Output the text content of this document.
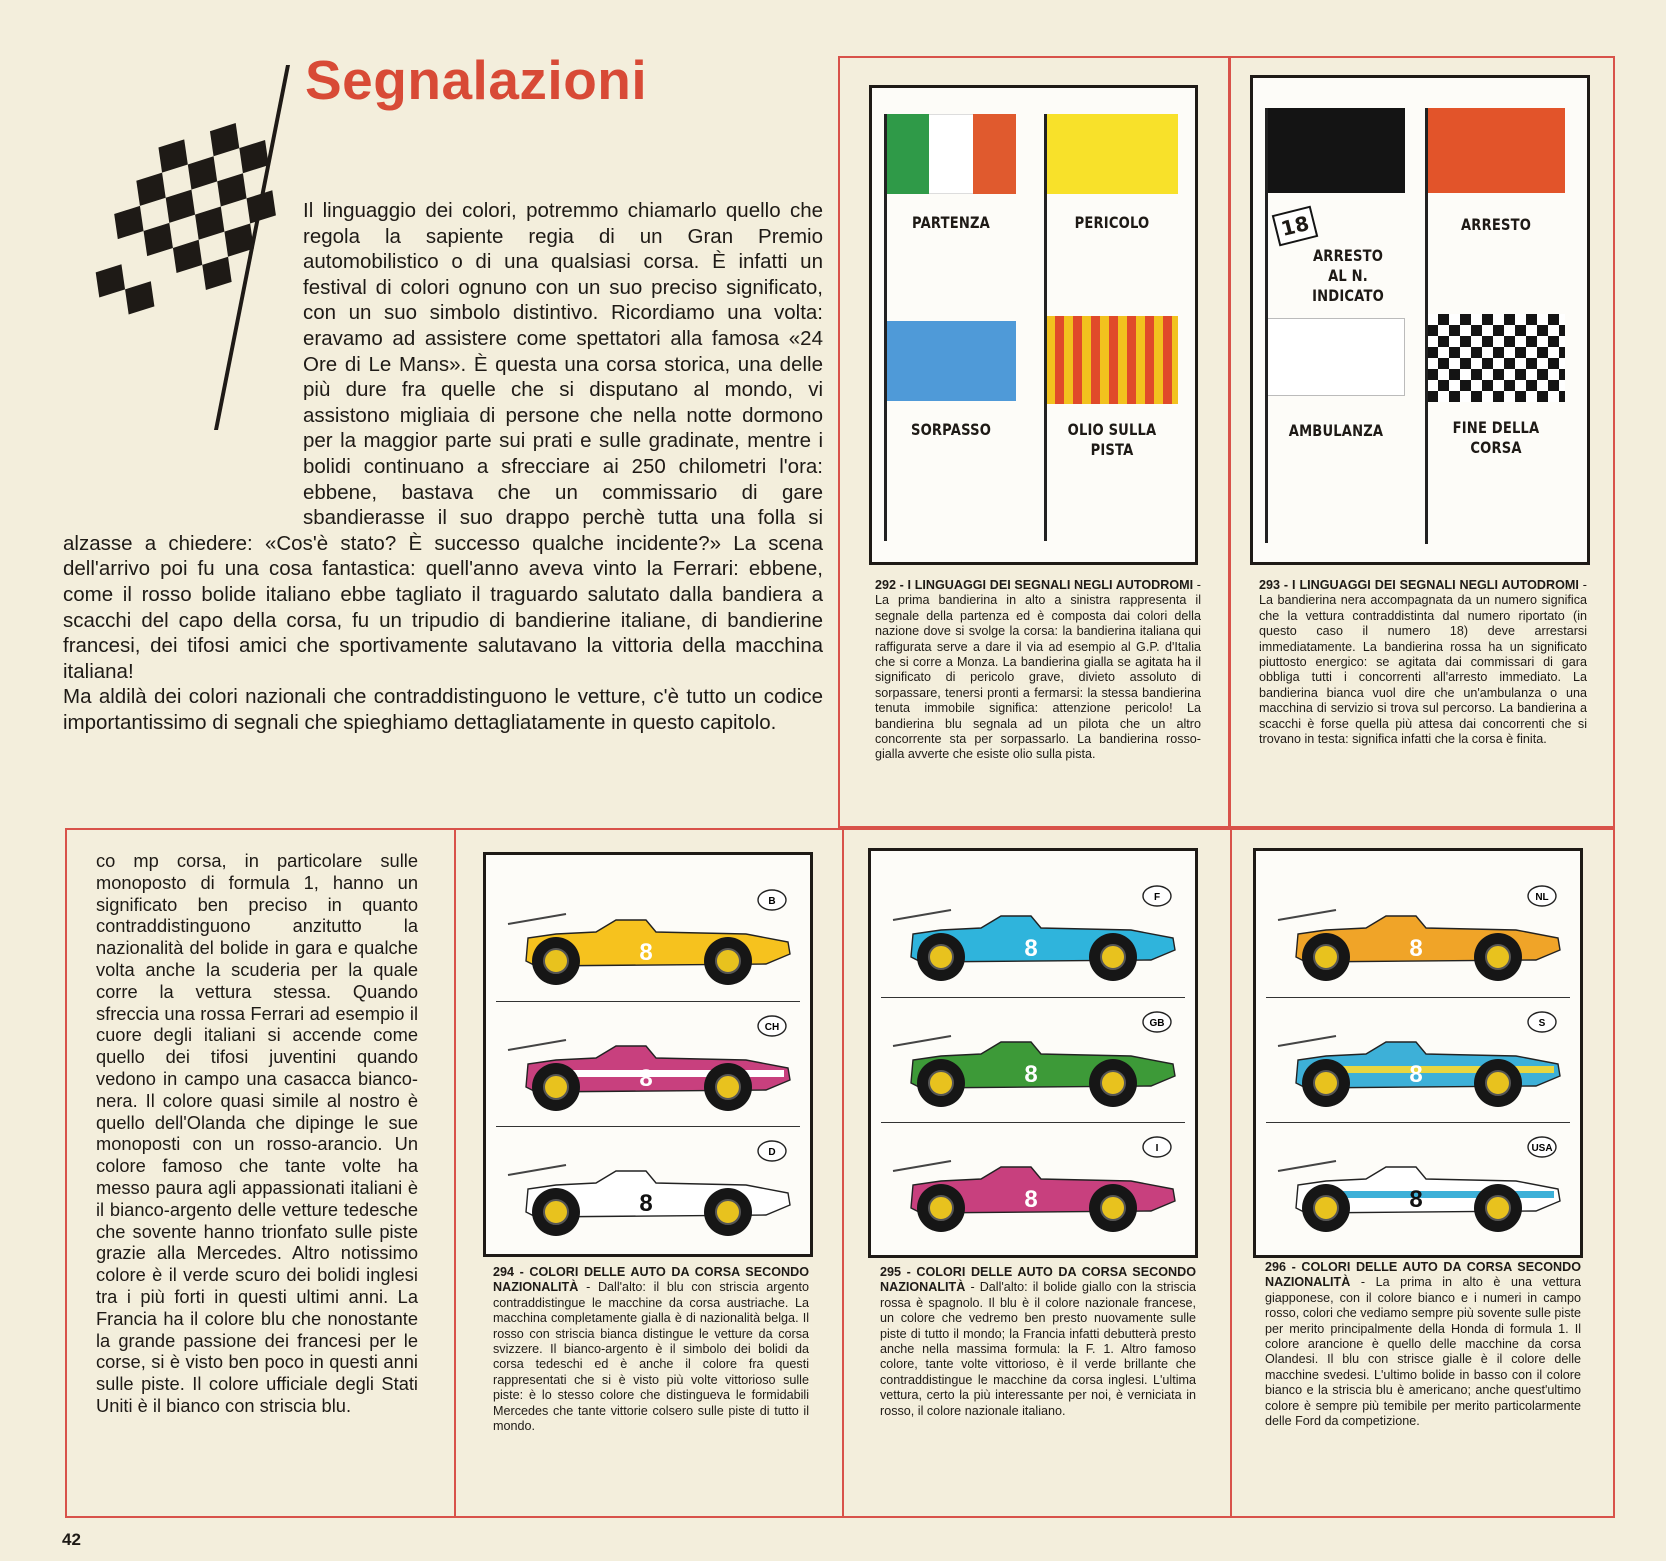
Segnalazioni

Il linguaggio dei colori, potremmo chiamarlo quello che regola la sapiente regia di un Gran Premio automobilistico o di una qualsiasi corsa. È infatti un festival di colori ognuno con un suo preciso significato, con un suo simbolo distintivo. Ricordiamo una volta: eravamo ad assistere come spettatori alla famosa «24 Ore di Le Mans». È questa una corsa storica, una delle più dure fra quelle che si disputano al mondo, vi assistono migliaia di persone che nella notte dormono per la maggior parte sui prati e sulle gradinate, mentre i bolidi continuano a sfrecciare ai 250 chilometri l'ora: ebbene, bastava che un commissario di gare sbandierasse il suo drappo perchè tutta una folla si alzasse a chiedere: «Cos'è stato? È successo qualche incidente?» La scena dell'arrivo poi fu una cosa fantastica: quell'anno aveva vinto la Ferrari: ebbene, come il rosso bolide italiano ebbe tagliato il traguardo salutato dalla bandiera a scacchi del capo della corsa, fu un tripudio di bandierine italiane, di bandierine francesi, dei tifosi amici che sportivamente salutavano la vittoria della macchina italiana!

Ma aldilà dei colori nazionali che contraddistinguono le vetture, c'è tutto un codice importantissimo di segnali che spieghiamo dettagliatamente in questo capitolo.

PARTENZA	PERICOLO
SORPASSO	OLIO SULLA PISTA

292 - I LINGUAGGI DEI SEGNALI NEGLI AUTODROMI - La prima bandierina in alto a sinistra rappresenta il segnale della partenza ed è composta dai colori della nazione dove si svolge la corsa: la bandierina italiana qui raffigurata serve a dare il via ad esempio al G.P. d'Italia che si corre a Monza. La bandierina gialla se agitata ha il significato di pericolo grave, divieto assoluto di sorpassare, tenersi pronti a fermarsi: la stessa bandierina tenuta immobile significa: attenzione pericolo! La bandierina blu segnala ad un pilota che un altro concorrente sta per sorpassarlo. La bandierina rosso-gialla avverte che esiste olio sulla pista.

18
ARRESTO AL N. INDICATO
ARRESTO
AMBULANZA	FINE DELLA CORSA

293 - I LINGUAGGI DEI SEGNALI NEGLI AUTODROMI - La bandierina nera accompagnata da un numero significa che la vettura contraddistinta dal numero riportato (in questo caso il numero 18) deve arrestarsi immediatamente. La bandierina rossa ha un significato piuttosto energico: se agitata dai commissari di gara obbliga tutti i concorrenti all'arresto immediato. La bandierina bianca vuol dire che un'ambulanza o una macchina di servizio si trova sul percorso. La bandierina a scacchi è forse quella più attesa dai concorrenti che si trovano in testa: significa infatti che la corsa è finita.

co mp corsa, in particolare sulle monoposto di formula 1, hanno un significato ben preciso in quanto contraddistinguono anzitutto la nazionalità del bolide in gara e qualche volta anche la scuderia per la quale corre la vettura stessa. Quando sfreccia una rossa Ferrari ad esempio il cuore degli italiani si accende come quello dei tifosi juventini quando vedono in campo una casacca bianco-nera. Il colore quasi simile al nostro è quello dell'Olanda che dipinge le sue monoposti con un rosso-arancio. Un colore famoso che tante volte ha messo paura agli appassionati italiani è il bianco-argento delle vetture tedesche che sovente hanno trionfato sulle piste grazie alla Mercedes. Altro notissimo colore è il verde scuro dei bolidi inglesi tra i più forti in questi ultimi anni. La Francia ha il colore blu che nonostante la grande passione dei francesi per le corse, si è visto ben poco in questi anni sulle piste. Il colore ufficiale degli Stati Uniti è il bianco con striscia blu.

8
B
8
CH
8
D
8
F
8
GB
8
I
8
NL
8
S
8
USA

294 - COLORI DELLE AUTO DA CORSA SECONDO NAZIONALITÀ - Dall'alto: il blu con striscia argento contraddistingue le macchine da corsa austriache. La macchina completamente gialla è di nazionalità belga. Il rosso con striscia bianca distingue le vetture da corsa svizzere. Il bianco-argento è il simbolo dei bolidi da corsa tedeschi ed è anche il colore fra questi rappresentati che si è visto più volte vittorioso sulle piste: è lo stesso colore che distingueva le formidabili Mercedes che tante vittorie colsero sulle piste di tutto il mondo.

295 - COLORI DELLE AUTO DA CORSA SECONDO NAZIONALITÀ - Dall'alto: il bolide giallo con la striscia rossa è spagnolo. Il blu è il colore nazionale francese, un colore che vedremo ben presto nuovamente sulle piste di tutto il mondo; la Francia infatti debutterà presto anche nella massima formula: la F. 1. Altro famoso colore, tante volte vittorioso, è il verde brillante che contraddistingue le macchine da corsa inglesi. L'ultima vettura, certo la più interessante per noi, è verniciata in rosso, il colore nazionale italiano.

296 - COLORI DELLE AUTO DA CORSA SECONDO NAZIONALITÀ - La prima in alto è una vettura giapponese, con il colore bianco e i numeri in campo rosso, colori che vediamo sempre più sovente sulle piste per merito principalmente della Honda di formula 1. Il colore arancione è quello delle macchine da corsa Olandesi. Il blu con strisce gialle è il colore delle macchine svedesi. L'ultimo bolide in basso con il colore bianco e la striscia blu è americano; anche quest'ultimo colore è sempre più temibile per merito particolarmente delle Ford da competizione.

42
